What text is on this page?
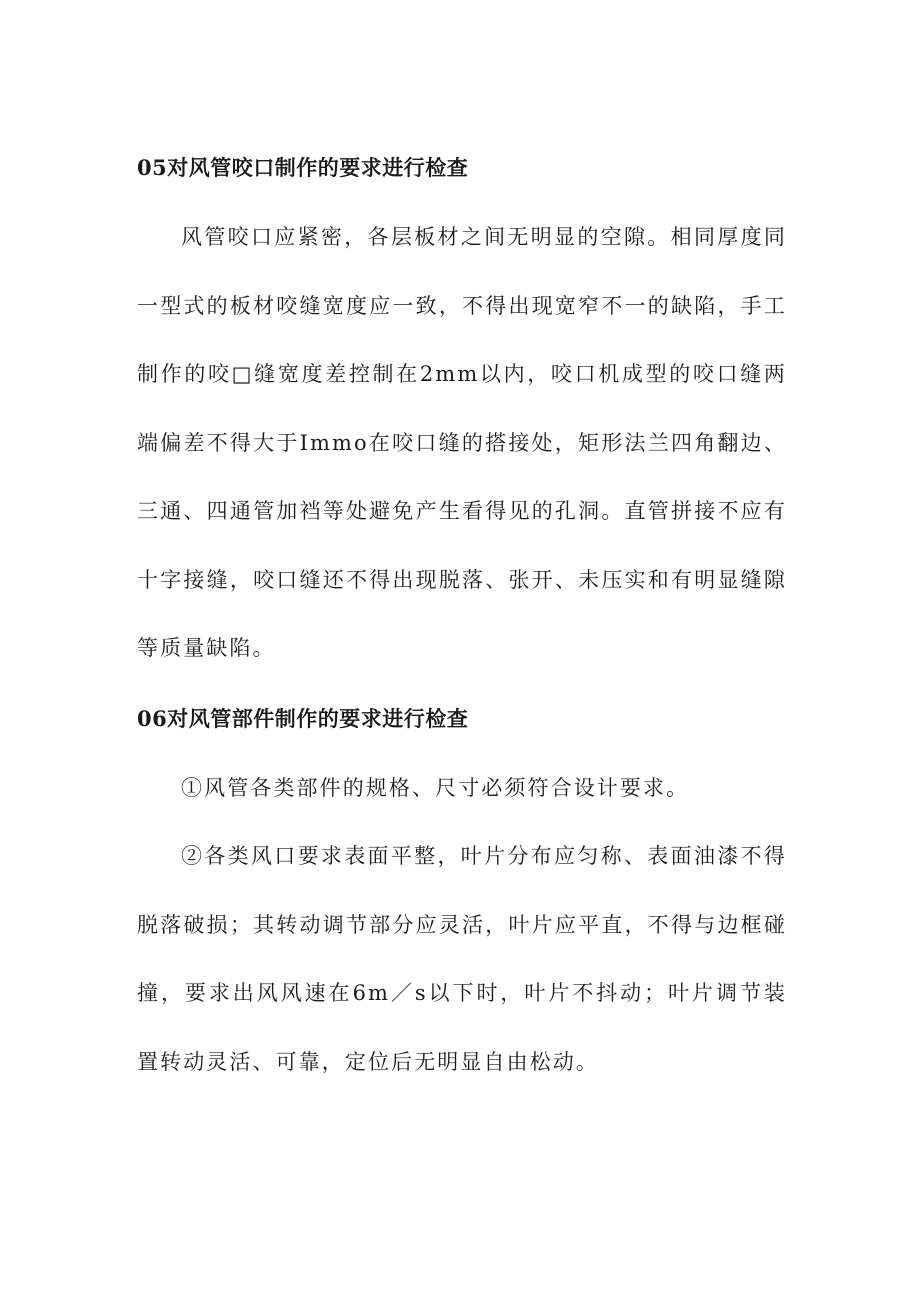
05对风管咬口制作的要求进行检查

风管咬口应紧密，各层板材之间无明显的空隙。相同厚度同一型式的板材咬缝宽度应一致，不得出现宽窄不一的缺陷，手工制作的咬□缝宽度差控制在2mm以内，咬口机成型的咬口缝两端偏差不得大于Immo在咬口缝的搭接处，矩形法兰四角翻边、三通、四通管加裆等处避免产生看得见的孔洞。直管拼接不应有十字接缝，咬口缝还不得出现脱落、张开、未压实和有明显缝隙等质量缺陷。

06对风管部件制作的要求进行检查

①风管各类部件的规格、尺寸必须符合设计要求。

②各类风口要求表面平整，叶片分布应匀称、表面油漆不得脱落破损；其转动调节部分应灵活，叶片应平直，不得与边框碰撞，要求出风风速在6m／s以下时，叶片不抖动；叶片调节装置转动灵活、可靠，定位后无明显自由松动。
